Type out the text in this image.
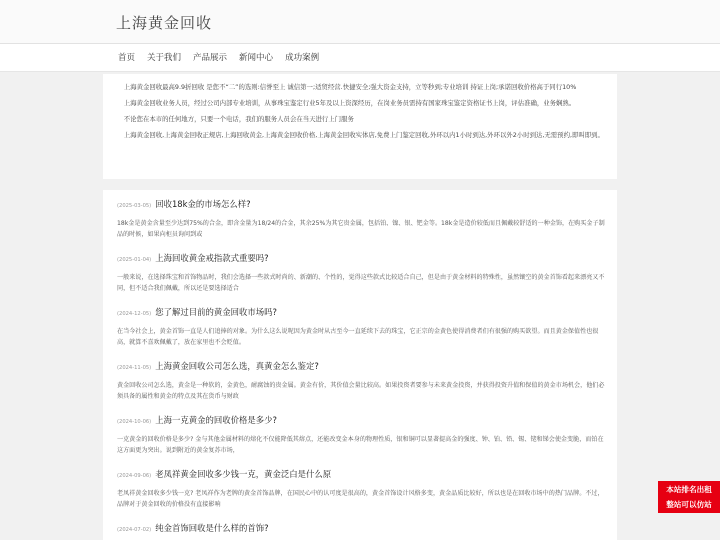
上海黄金回收
首页	关于我们	产品展示	新闻中心	成功案例

上海黄金回收最高9.9折回收 是您不“二”的选则:信誉至上 诚信第一;适贸经营.快捷安全;强大资金支持，立等秒到;专业培训 持证上岗;承诺回收价格高于同行10%

上海黄金回收业务人员，经过公司内部专业培训，从事珠宝鉴定行业5年及以上资深经历，在岗业务员需持有国家珠宝鉴定资格证书上岗，评估准确，业务娴熟。

不论您在本市的任何地方，只要一个电话，我们的服务人员会在当天进行上门服务

上海黄金回收,上海黄金回收正规店,上海回收黄金,上海黄金回收价格,上海黄金回收实体店,免费上门鉴定回收,外环以内1小时到达,外环以外2小时到达,无需预约,即叫即到。

(2025-03-05) 回收18k金的市场怎么样?
18k金是黄金含量至少达到75%的合金，即含金量为18/24的合金，其余25%为其它贵金属，包括铂、镍、银、钯金等。18k金是造价较低而且佩戴较舒适的一种金饰，在购买金子制品的时候，如果向柜员询问到或
(2025-01-04) 上海回收黄金戒指款式重要吗?
一般来说，在选择珠宝和首饰物品时，我们会选择一些款式时尚的、新潮的、个性的，觉得这些款式比较适合自己，但是由于黄金材料的特殊性，虽然镶空的黄金首饰看起来漂亮又不同，但不适合我们佩戴，所以还是要选择适合
(2024-12-05) 您了解过目前的黄金回收市场吗?
在当今社会上，黄金首饰一直是人们追捧的对象。为什么这么说呢因为黄金时从古至今一直延续下去的珠宝，它正宗的金黄色使得消费者们有很强的购买欲望。而且黄金保值性也很高，就算不喜欢佩戴了，放在家里也不会贬值。
(2024-11-05) 上海黄金回收公司怎么选，真黄金怎么鉴定?
黄金回收公司怎么选，黄金是一种软的，金黄色，耐腐蚀的贵金属。黄金有价，其价值会量比较高。如果投资者要参与未来黄金投资，并获得投资升值和保值的黄金市场机会，他们必须具备的属性和黄金的特点及其在货币与财政
(2024-10-06) 上海一克黄金的回收价格是多少?
一克黄金的回收价格是多少? 金与其他金属材料的熔化不仅能降低其熔点，还能改变金本身的物理性质，银和铜可以显著提高金的强度、钟、铂、铅、锡、铑和锑会使金变脆，而铂在这方面更为突出。说到附近的黄金复苏市场，
(2024-09-06) 老凤祥黄金回收多少钱一克，黄金泛白是什么原
老凤祥黄金回收多少钱一克? 老凤祥作为老牌的黄金首饰品牌，在国民心中的认可度是很高的，黄金首饰设计风格多变，黄金品质比较好，所以也是在回收市场中的热门品牌。不过，品牌对于黄金回收的价格没有直接影响
(2024-07-02) 纯金首饰回收是什么样的首饰?
本站排名出租
整站可以仿站
